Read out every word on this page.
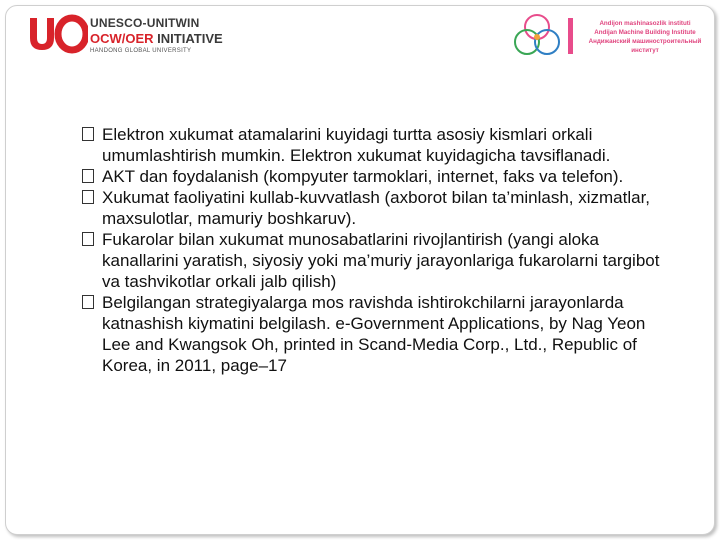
UNESCO-UNITWIN
OCW/OER INITIATIVE
HANDONG GLOBAL UNIVERSITY
Andijon mashinasozlik instituti
Andijan Machine Building Institute
Андижанский машиностроительный
институт
Elektron xukumat atamalarini kuyidagi turtta asosiy kismlari orkali umumlashtirish mumkin. Elektron xukumat kuyidagicha tavsiflanadi.
AKT dan foydalanish (kompyuter tarmoklari, internet, faks va telefon).
Xukumat faoliyatini kullab-kuvvatlash (axborot bilan ta’minlash, xizmatlar, maxsulotlar, mamuriy boshkaruv).
Fukarolar bilan xukumat munosabatlarini rivojlantirish (yangi aloka kanallarini yaratish, siyosiy yoki ma’muriy jarayonlariga fukarolarni targibot va tashvikotlar orkali jalb qilish)
Belgilangan strategiyalarga mos ravishda ishtirokchilarni jarayonlarda katnashish kiymatini belgilash. e-Government Applications, by Nag Yeon Lee and Kwangsok Oh, printed in Scand-Media Corp., Ltd., Republic of Korea, in 2011, page–17
